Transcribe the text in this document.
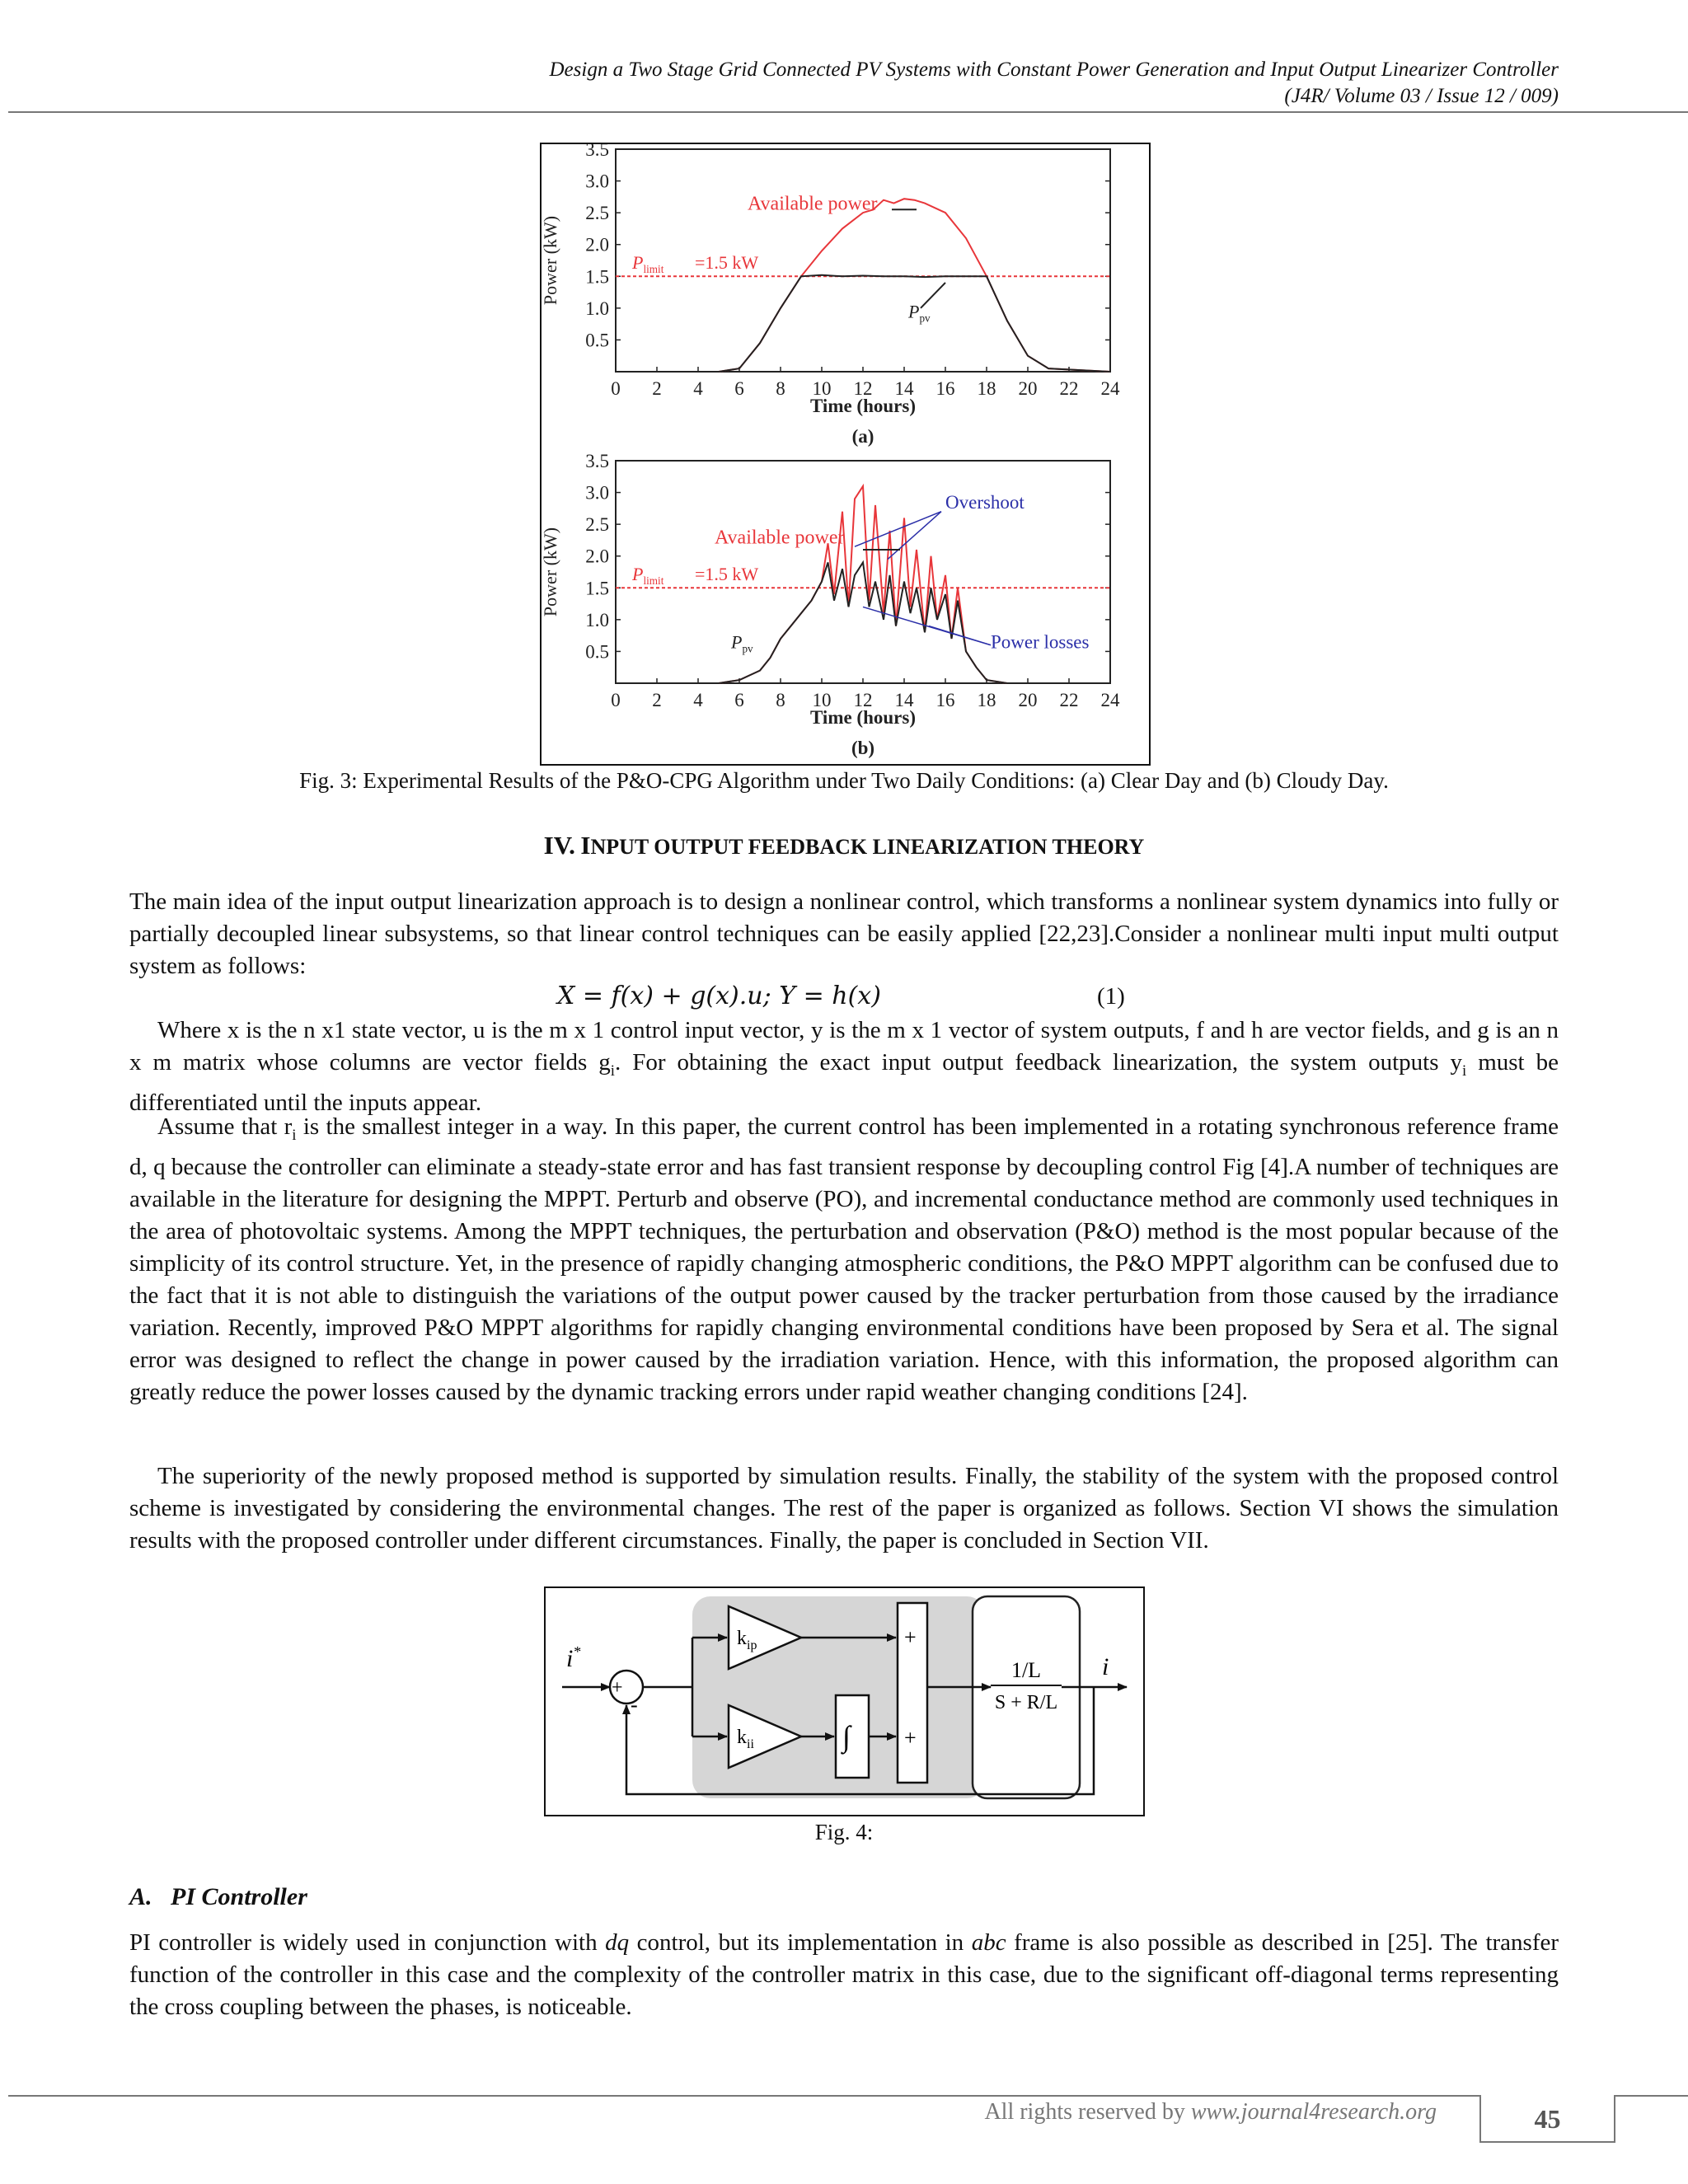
Design a Two Stage Grid Connected PV Systems with Constant Power Generation and Input Output Linearizer Controller
(J4R/ Volume 03 / Issue 12 / 009)
0.5
1.0
1.5
2.0
2.5
3.0
3.5
0 2 4 6 8 10 12 14 16 18 20 22 24
Time (hours)
(a)
Power (kW)
Available power
$P_{limit} =1.5$ kW
$P_{pv}$
0.5
1.0
1.5
2.0
2.5
3.0
3.5
0 2 4 6 8 10 12 14 16 18 20 22 24
Time (hours)
(b)
Power (kW)	Available power
$P_{limit} =1.5$ kW
$P_{pv}$
Overshoot
Power losses
Fig. 3: Experimental Results of the P&O-CPG Algorithm under Two Daily Conditions: (a) Clear Day and (b) Cloudy Day.
IV. INPUT OUTPUT FEEDBACK LINEARIZATION THEORY
The main idea of the input output linearization approach is to design a nonlinear control, which transforms a nonlinear system dynamics into fully or partially decoupled linear subsystems, so that linear control techniques can be easily applied [22,23].Consider a nonlinear multi input multi output system as follows:
X = f(x) + g(x).u; Y = h(x)	(1)
Where x is the n x1 state vector, u is the m x 1 control input vector, y is the m x 1 vector of system outputs, f and h are vector fields, and g is an n x m matrix whose columns are vector fields $g_i$. For obtaining the exact input output feedback linearization, the system outputs $y_i$ must be differentiated until the inputs appear.
Assume that $r_i$ is the smallest integer in a way. In this paper, the current control has been implemented in a rotating synchronous reference frame d, q because the controller can eliminate a steady-state error and has fast transient response by decoupling control Fig [4].A number of techniques are available in the literature for designing the MPPT. Perturb and observe (PO), and incremental conductance method are commonly used techniques in the area of photovoltaic systems. Among the MPPT techniques, the perturbation and observation (P&O) method is the most popular because of the simplicity of its control structure. Yet, in the presence of rapidly changing atmospheric conditions, the P&O MPPT algorithm can be confused due to the fact that it is not able to distinguish the variations of the output power caused by the tracker perturbation from those caused by the irradiance variation. Recently, improved P&O MPPT algorithms for rapidly changing environmental conditions have been proposed by Sera et al. The signal error was designed to reflect the change in power caused by the irradiation variation. Hence, with this information, the proposed algorithm can greatly reduce the power losses caused by the dynamic tracking errors under rapid weather changing conditions [24].
The superiority of the newly proposed method is supported by simulation results. Finally, the stability of the system with the proposed control scheme is investigated by considering the environmental changes. The rest of the paper is organized as follows. Section VI shows the simulation results with the proposed controller under different circumstances. Finally, the paper is concluded in Section VII.
i*
+
-
$k_{ip}$
$k_{ii}$	∫
+
+
1/L
S + R/L
i
Fig. 4:
A. PI Controller
PI controller is widely used in conjunction with dq control, but its implementation in abc frame is also possible as described in [25]. The transfer function of the controller in this case and the complexity of the controller matrix in this case, due to the significant off-diagonal terms representing the cross coupling between the phases, is noticeable.
All rights reserved by www.journal4research.org	45
